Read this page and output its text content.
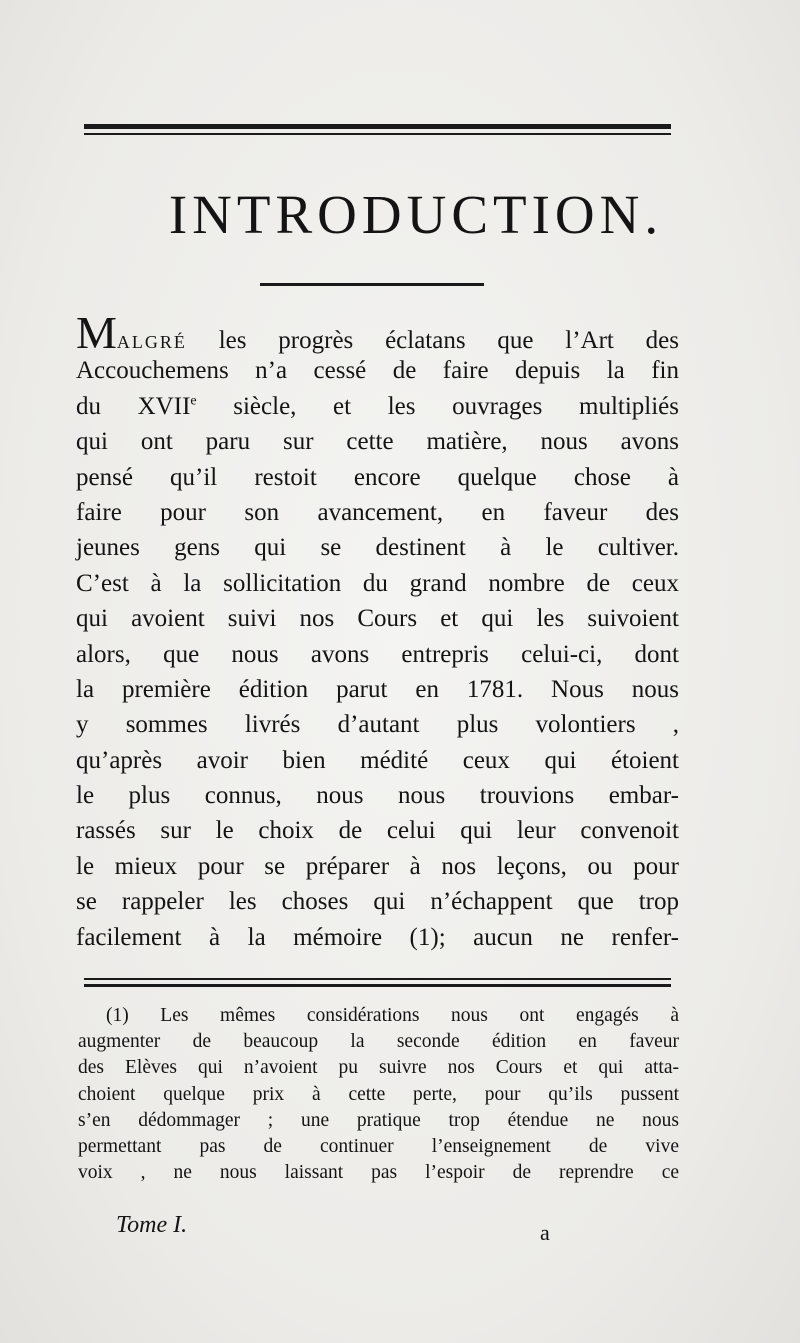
INTRODUCTION.
MALGRÉ les progrès éclatans que l’Art des
Accouchemens n’a cessé de faire depuis la fin
du XVIIe siècle, et les ouvrages multipliés
qui ont paru sur cette matière, nous avons
pensé qu’il restoit encore quelque chose à
faire pour son avancement, en faveur des
jeunes gens qui se destinent à le cultiver.
C’est à la sollicitation du grand nombre de ceux
qui avoient suivi nos Cours et qui les suivoient
alors, que nous avons entrepris celui-ci, dont
la première édition parut en 1781. Nous nous
y sommes livrés d’autant plus volontiers ,
qu’après avoir bien médité ceux qui étoient
le plus connus, nous nous trouvions embar-
rassés sur le choix de celui qui leur convenoit
le mieux pour se préparer à nos leçons, ou pour
se rappeler les choses qui n’échappent que trop
facilement à la mémoire (1); aucun ne renfer-
(1) Les mêmes considérations nous ont engagés à
augmenter de beaucoup la seconde édition en faveur
des Elèves qui n’avoient pu suivre nos Cours et qui atta-
choient quelque prix à cette perte, pour qu’ils pussent
s’en dédommager ; une pratique trop étendue ne nous
permettant pas de continuer l’enseignement de vive
voix , ne nous laissant pas l’espoir de reprendre ce
Tome I.	a
